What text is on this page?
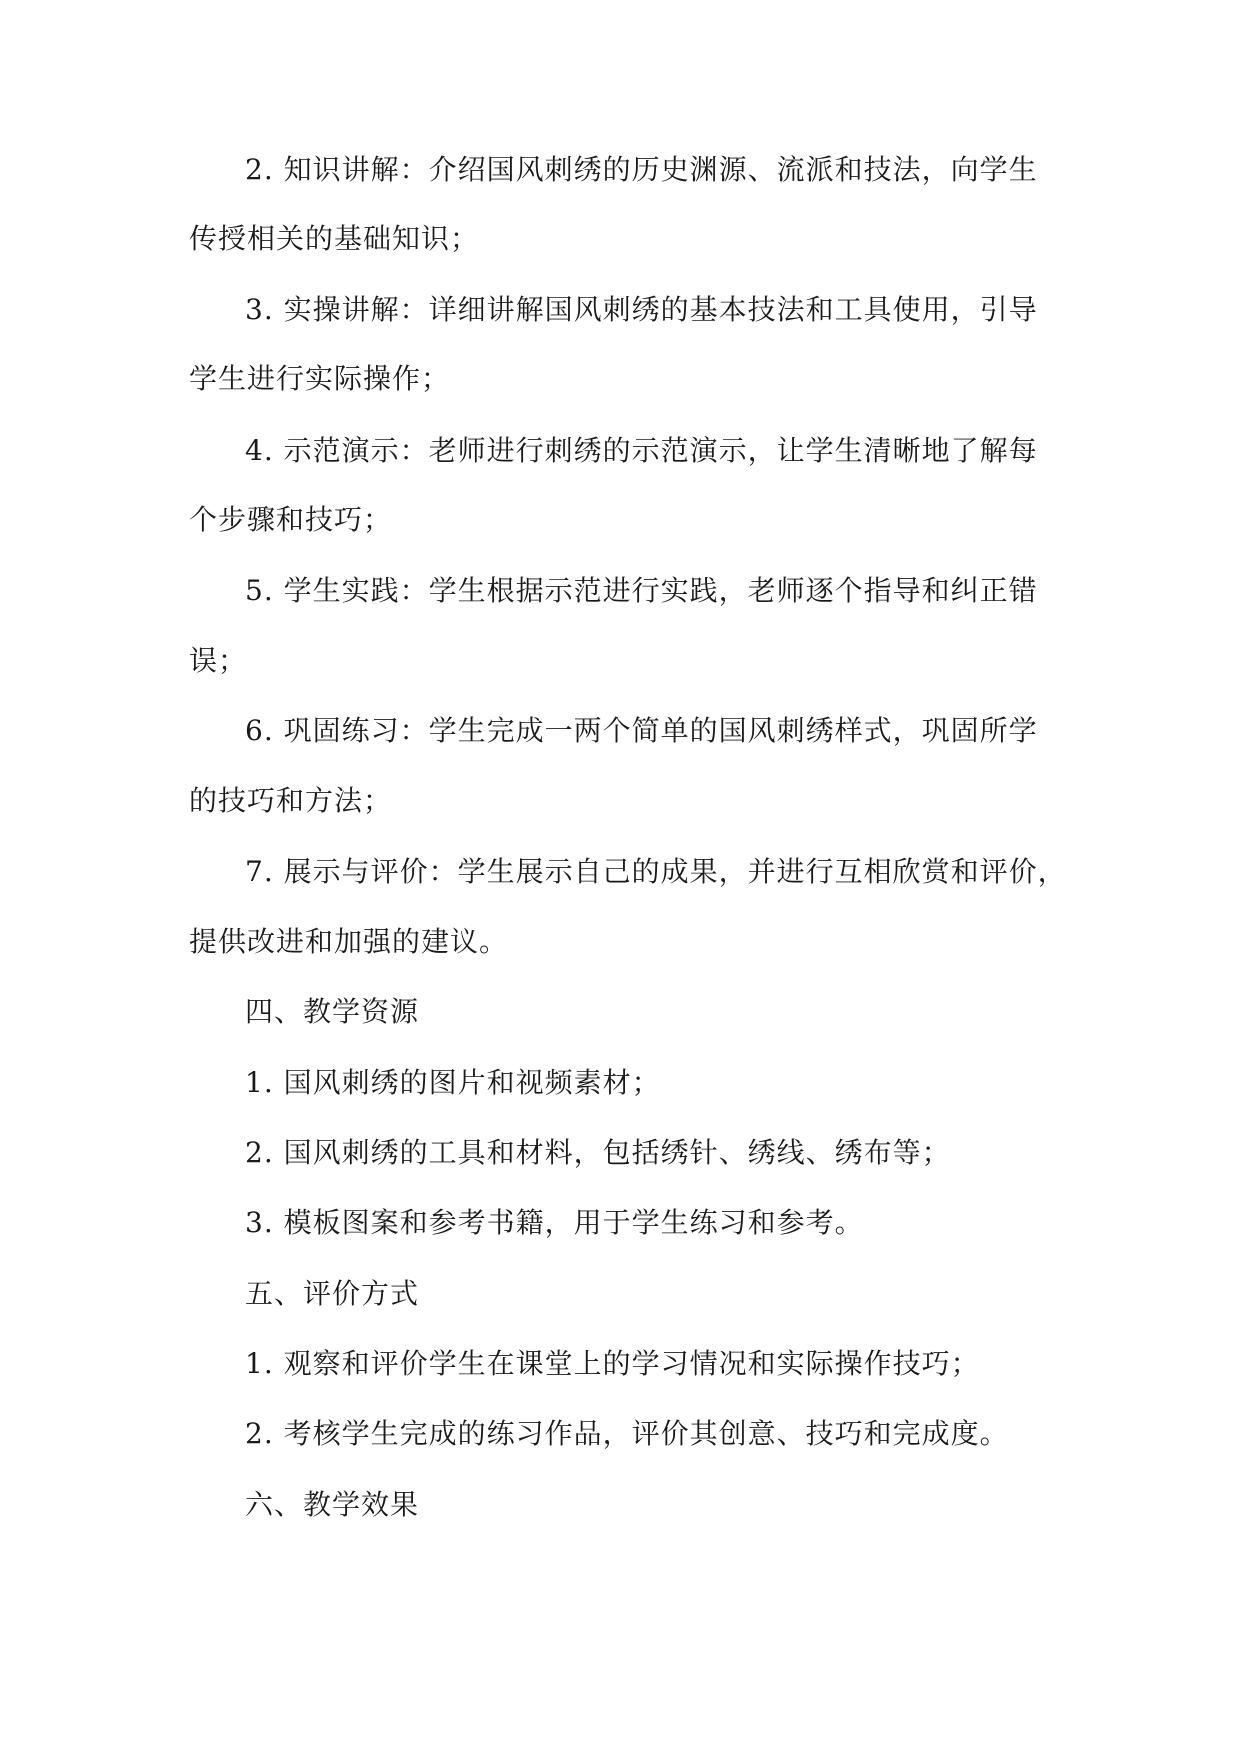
2. 知识讲解：介绍国风刺绣的历史渊源、流派和技法，向学生
传授相关的基础知识；
3. 实操讲解：详细讲解国风刺绣的基本技法和工具使用，引导
学生进行实际操作；
4. 示范演示：老师进行刺绣的示范演示，让学生清晰地了解每
个步骤和技巧；
5. 学生实践：学生根据示范进行实践，老师逐个指导和纠正错
误；
6. 巩固练习：学生完成一两个简单的国风刺绣样式，巩固所学
的技巧和方法；
7. 展示与评价：学生展示自己的成果，并进行互相欣赏和评价，
提供改进和加强的建议。
四、教学资源
1. 国风刺绣的图片和视频素材；
2. 国风刺绣的工具和材料，包括绣针、绣线、绣布等；
3. 模板图案和参考书籍，用于学生练习和参考。
五、评价方式
1. 观察和评价学生在课堂上的学习情况和实际操作技巧；
2. 考核学生完成的练习作品，评价其创意、技巧和完成度。
六、教学效果
